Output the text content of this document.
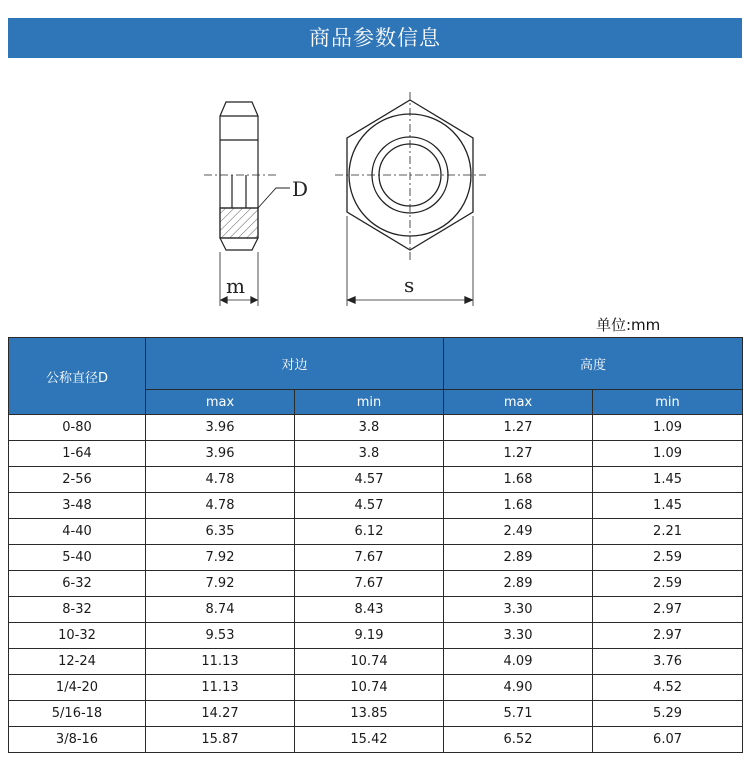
商品参数信息
D
m	s
单位:mm
公称直径D	对边		高度	
	max	min	max	min
0-80	3.96	3.8	1.27	1.09
1-64	3.96	3.8	1.27	1.09
2-56	4.78	4.57	1.68	1.45
3-48	4.78	4.57	1.68	1.45
4-40	6.35	6.12	2.49	2.21
5-40	7.92	7.67	2.89	2.59
6-32	7.92	7.67	2.89	2.59
8-32	8.74	8.43	3.30	2.97
10-32	9.53	9.19	3.30	2.97
12-24	11.13	10.74	4.09	3.76
1/4-20	11.13	10.74	4.90	4.52
5/16-18	14.27	13.85	5.71	5.29
3/8-16	15.87	15.42	6.52	6.07
